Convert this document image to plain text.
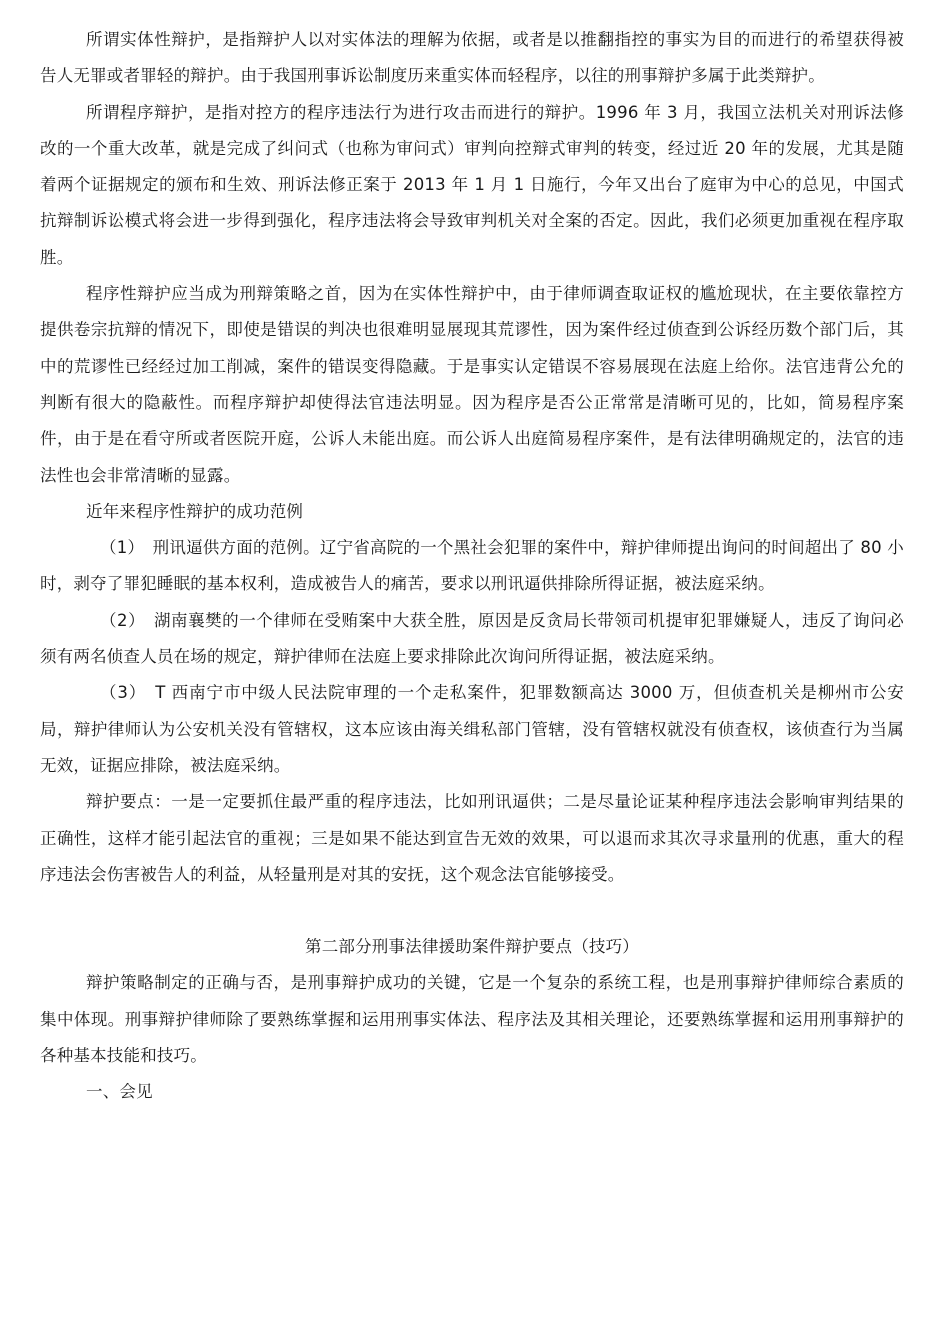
所谓实体性辩护，是指辩护人以对实体法的理解为依据，或者是以推翻指控的事实为目的而进行的希望获得被告人无罪或者罪轻的辩护。由于我国刑事诉讼制度历来重实体而轻程序，以往的刑事辩护多属于此类辩护。

所谓程序辩护，是指对控方的程序违法行为进行攻击而进行的辩护。1996 年 3 月，我国立法机关对刑诉法修改的一个重大改革，就是完成了纠问式（也称为审问式）审判向控辩式审判的转变，经过近 20 年的发展，尤其是随着两个证据规定的颁布和生效、刑诉法修正案于 2013 年 1 月 1 日施行，今年又出台了庭审为中心的总见，中国式抗辩制诉讼模式将会进一步得到强化，程序违法将会导致审判机关对全案的否定。因此，我们必须更加重视在程序取胜。

程序性辩护应当成为刑辩策略之首，因为在实体性辩护中，由于律师调查取证权的尴尬现状，在主要依靠控方提供卷宗抗辩的情况下，即使是错误的判决也很难明显展现其荒谬性，因为案件经过侦查到公诉经历数个部门后，其中的荒谬性已经经过加工削减，案件的错误变得隐藏。于是事实认定错误不容易展现在法庭上给你。法官违背公允的判断有很大的隐蔽性。而程序辩护却使得法官违法明显。因为程序是否公正常常是清晰可见的，比如，简易程序案件，由于是在看守所或者医院开庭，公诉人未能出庭。而公诉人出庭简易程序案件，是有法律明确规定的，法官的违法性也会非常清晰的显露。

近年来程序性辩护的成功范例

（1）　刑讯逼供方面的范例。辽宁省高院的一个黑社会犯罪的案件中，辩护律师提出询问的时间超出了 80 小时，剥夺了罪犯睡眠的基本权利，造成被告人的痛苦，要求以刑讯逼供排除所得证据，被法庭采纳。

（2）　湖南襄樊的一个律师在受贿案中大获全胜，原因是反贪局长带领司机提审犯罪嫌疑人，违反了询问必须有两名侦查人员在场的规定，辩护律师在法庭上要求排除此次询问所得证据，被法庭采纳。

（3）　T 西南宁市中级人民法院审理的一个走私案件，犯罪数额高达 3000 万，但侦查机关是柳州市公安局，辩护律师认为公安机关没有管辖权，这本应该由海关缉私部门管辖，没有管辖权就没有侦查权，该侦查行为当属无效，证据应排除，被法庭采纳。

辩护要点：一是一定要抓住最严重的程序违法，比如刑讯逼供；二是尽量论证某种程序违法会影响审判结果的正确性，这样才能引起法官的重视；三是如果不能达到宣告无效的效果，可以退而求其次寻求量刑的优惠，重大的程序违法会伤害被告人的利益，从轻量刑是对其的安抚，这个观念法官能够接受。

第二部分刑事法律援助案件辩护要点（技巧）

辩护策略制定的正确与否，是刑事辩护成功的关键，它是一个复杂的系统工程，也是刑事辩护律师综合素质的集中体现。刑事辩护律师除了要熟练掌握和运用刑事实体法、程序法及其相关理论，还要熟练掌握和运用刑事辩护的各种基本技能和技巧。

一、会见
